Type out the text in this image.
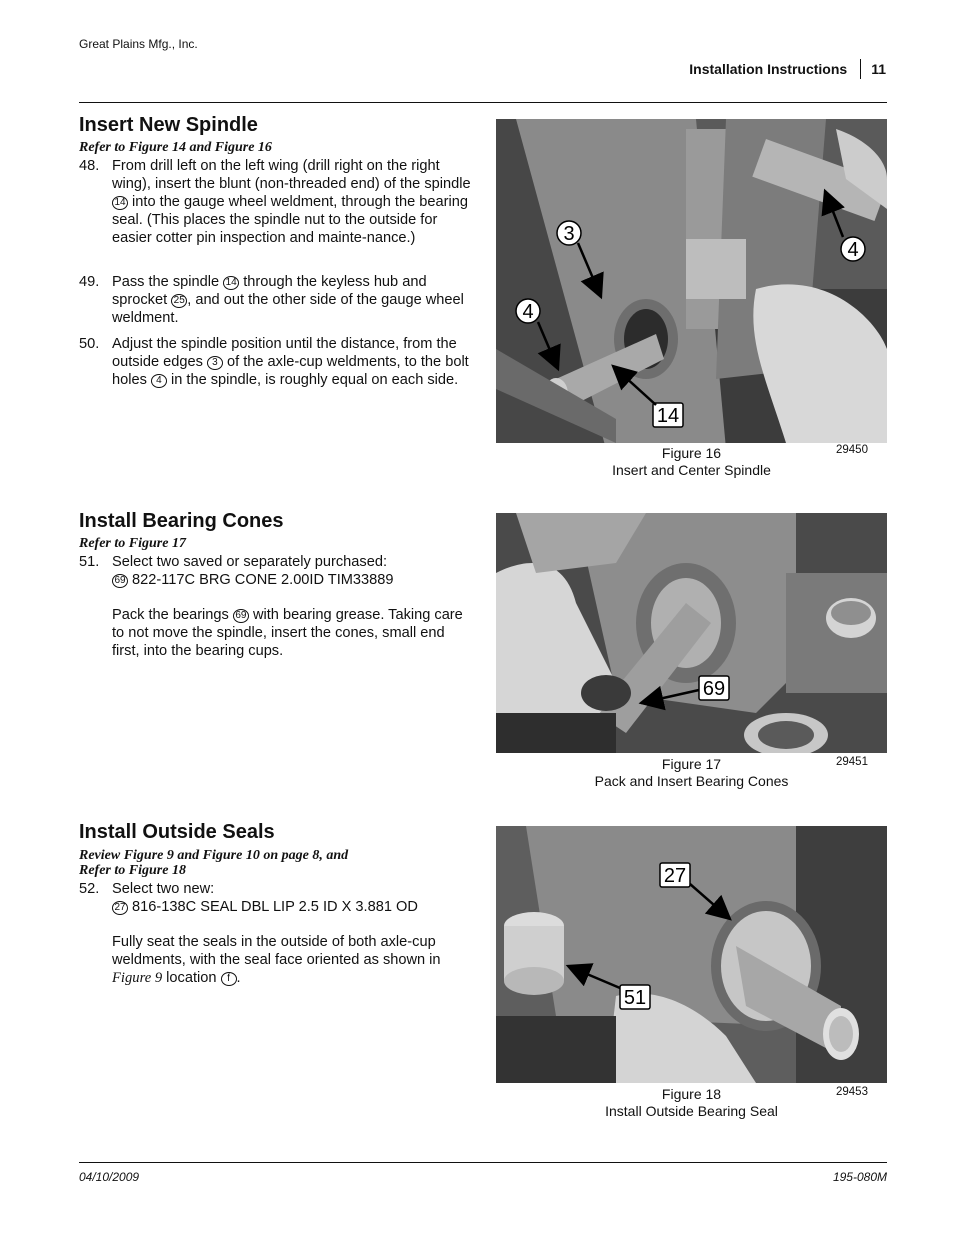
Great Plains Mfg., Inc.
Installation Instructions 11
Insert New Spindle
Refer to Figure 14 and Figure 16
48. From drill left on the left wing (drill right on the right wing), insert the blunt (non-threaded end) of the spindle 14 into the gauge wheel weldment, through the bearing seal. (This places the spindle nut to the outside for easier cotter pin inspection and mainte-nance.)
49. Pass the spindle 14 through the keyless hub and sprocket 25 , and out the other side of the gauge wheel weldment.
50. Adjust the spindle position until the distance, from the outside edges 3 of the axle-cup weldments, to the bolt holes 4 in the spindle, is roughly equal on each side.
3
4
4
14
Figure 16
Insert and Center Spindle
29450
Install Bearing Cones
Refer to Figure 17
51. Select two saved or separately purchased:
69 822-117C BRG CONE 2.00ID TIM33889
Pack the bearings 69 with bearing grease. Taking care to not move the spindle, insert the cones, small end first, into the bearing cups.
69
Figure 17
Pack and Insert Bearing Cones
29451
Install Outside Seals
Review Figure 9 and Figure 10 on page 8, and
Refer to Figure 18
52. Select two new:
27 816-138C SEAL DBL LIP 2.5 ID X 3.881 OD
Fully seat the seals in the outside of both axle-cup weldments, with the seal face oriented as shown in Figure 9 location f .
27
51
Figure 18
Install Outside Bearing Seal
29453
04/10/2009	195-080M
